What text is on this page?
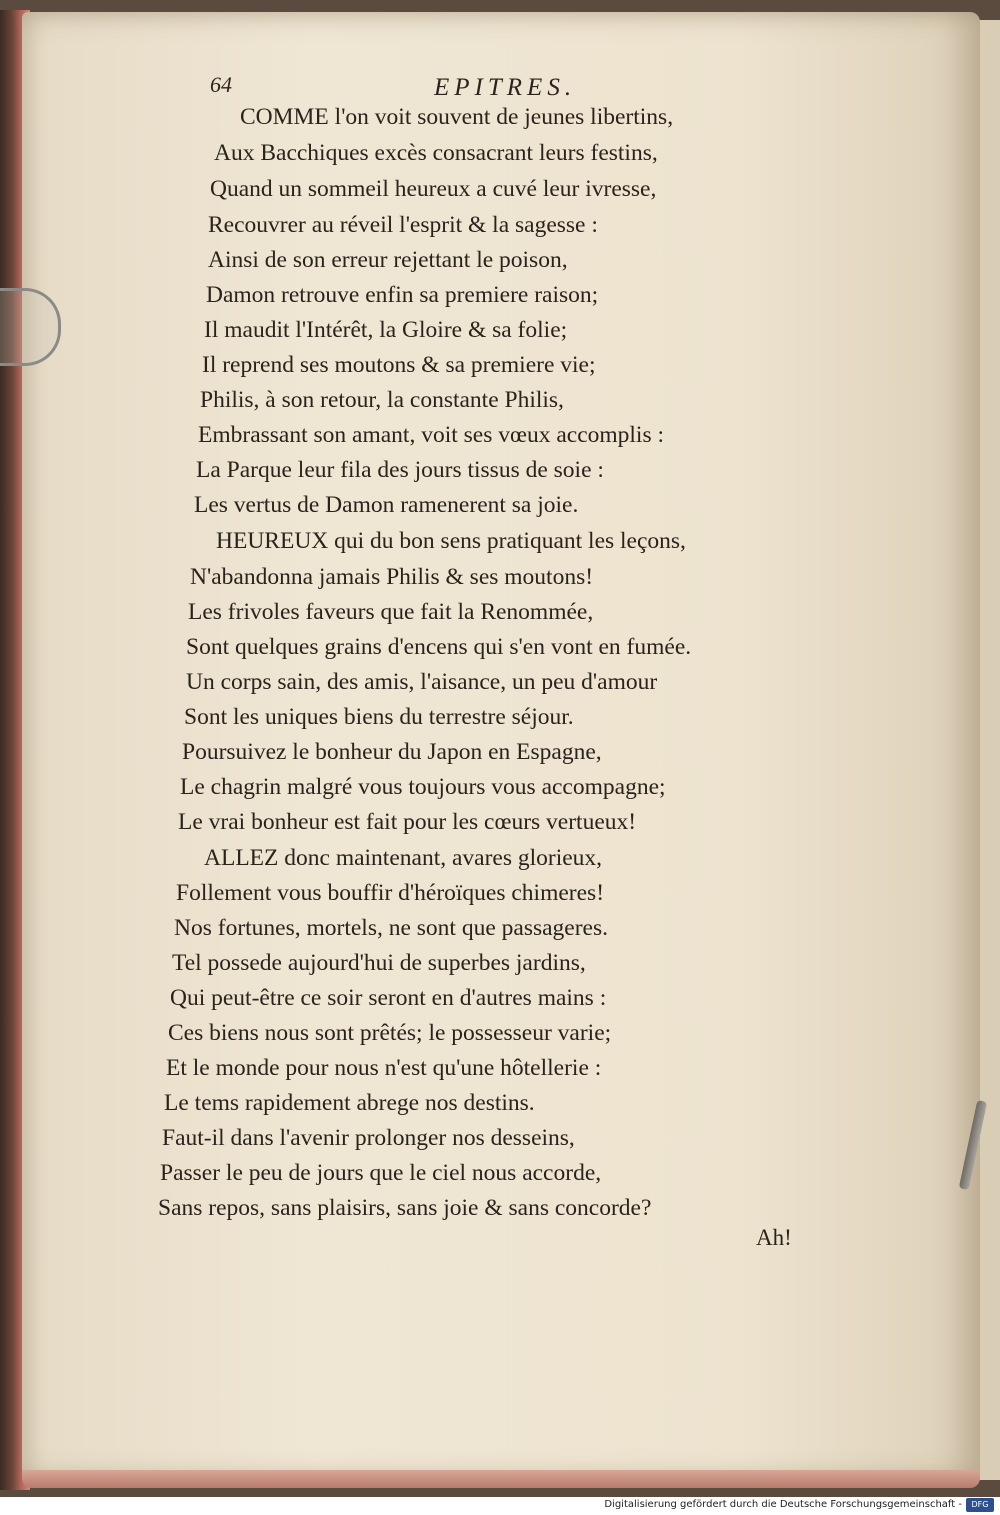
64	EPITRES.
COMME l'on voit souvent de jeunes libertins,
Aux Bacchiques excès consacrant leurs festins,
Quand un sommeil heureux a cuvé leur ivresse,
Recouvrer au réveil l'esprit & la sagesse :
Ainsi de son erreur rejettant le poison,
Damon retrouve enfin sa premiere raison;
Il maudit l'Intérêt, la Gloire & sa folie;
Il reprend ses moutons & sa premiere vie;
Philis, à son retour, la constante Philis,
Embrassant son amant, voit ses vœux accomplis :
La Parque leur fila des jours tissus de soie :
Les vertus de Damon ramenerent sa joie.
HEUREUX qui du bon sens pratiquant les leçons,
N'abandonna jamais Philis & ses moutons!
Les frivoles faveurs que fait la Renommée,
Sont quelques grains d'encens qui s'en vont en fumée.
Un corps sain, des amis, l'aisance, un peu d'amour
Sont les uniques biens du terrestre séjour.
Poursuivez le bonheur du Japon en Espagne,
Le chagrin malgré vous toujours vous accompagne;
Le vrai bonheur est fait pour les cœurs vertueux!
ALLEZ donc maintenant, avares glorieux,
Follement vous bouffir d'héroïques chimeres!
Nos fortunes, mortels, ne sont que passageres.
Tel possede aujourd'hui de superbes jardins,
Qui peut-être ce soir seront en d'autres mains :
Ces biens nous sont prêtés; le possesseur varie;
Et le monde pour nous n'est qu'une hôtellerie :
Le tems rapidement abrege nos destins.
Faut-il dans l'avenir prolonger nos desseins,
Passer le peu de jours que le ciel nous accorde,
Sans repos, sans plaisirs, sans joie & sans concorde?
Ah!
Digitalisierung gefördert durch die Deutsche Forschungsgemeinschaft -	DFG
